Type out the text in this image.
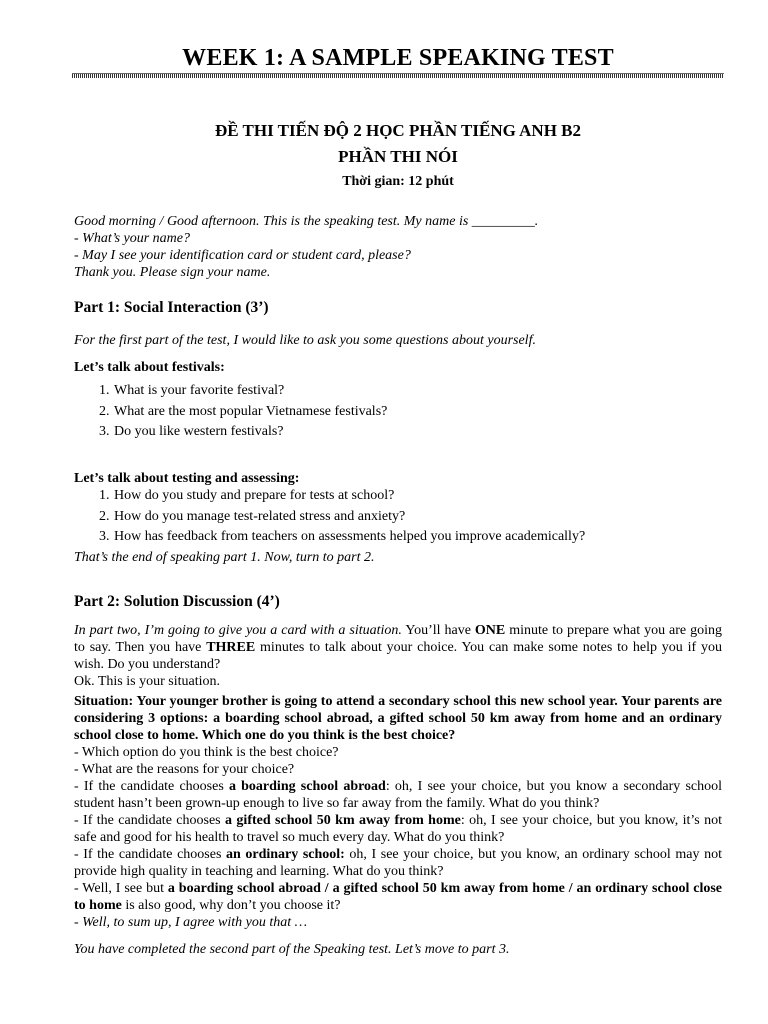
WEEK 1: A SAMPLE SPEAKING TEST
ĐỀ THI TIẾN ĐỘ 2 HỌC PHẦN TIẾNG ANH B2
PHẦN THI NÓI
Thời gian: 12 phút

Good morning / Good afternoon. This is the speaking test. My name is _________.

- What’s your name?

- May I see your identification card or student card, please?

Thank you. Please sign your name.

Part 1: Social Interaction (3’)

For the first part of the test, I would like to ask you some questions about yourself.

Let’s talk about festivals:
1. What is your favorite festival?
2. What are the most popular Vietnamese festivals?
3. Do you like western festivals?
Let’s talk about testing and assessing:
1. How do you study and prepare for tests at school?
2. How do you manage test-related stress and anxiety?
3. How has feedback from teachers on assessments helped you improve academically?

That’s the end of speaking part 1. Now, turn to part 2.

Part 2: Solution Discussion (4’)

In part two, I’m going to give you a card with a situation. You’ll have ONE minute to prepare what you are going to say. Then you have THREE minutes to talk about your choice. You can make some notes to help you if you wish. Do you understand?

Ok. This is your situation.

Situation: Your younger brother is going to attend a secondary school this new school year. Your parents are considering 3 options: a boarding school abroad, a gifted school 50 km away from home and an ordinary school close to home. Which one do you think is the best choice?

- Which option do you think is the best choice?

- What are the reasons for your choice?

- If the candidate chooses a boarding school abroad: oh, I see your choice, but you know a secondary school student hasn’t been grown-up enough to live so far away from the family. What do you think?

- If the candidate chooses a gifted school 50 km away from home: oh, I see your choice, but you know, it’s not safe and good for his health to travel so much every day. What do you think?

- If the candidate chooses an ordinary school: oh, I see your choice, but you know, an ordinary school may not provide high quality in teaching and learning. What do you think?

- Well, I see but a boarding school abroad / a gifted school 50 km away from home / an ordinary school close to home is also good, why don’t you choose it?

- Well, to sum up, I agree with you that …

You have completed the second part of the Speaking test. Let’s move to part 3.
